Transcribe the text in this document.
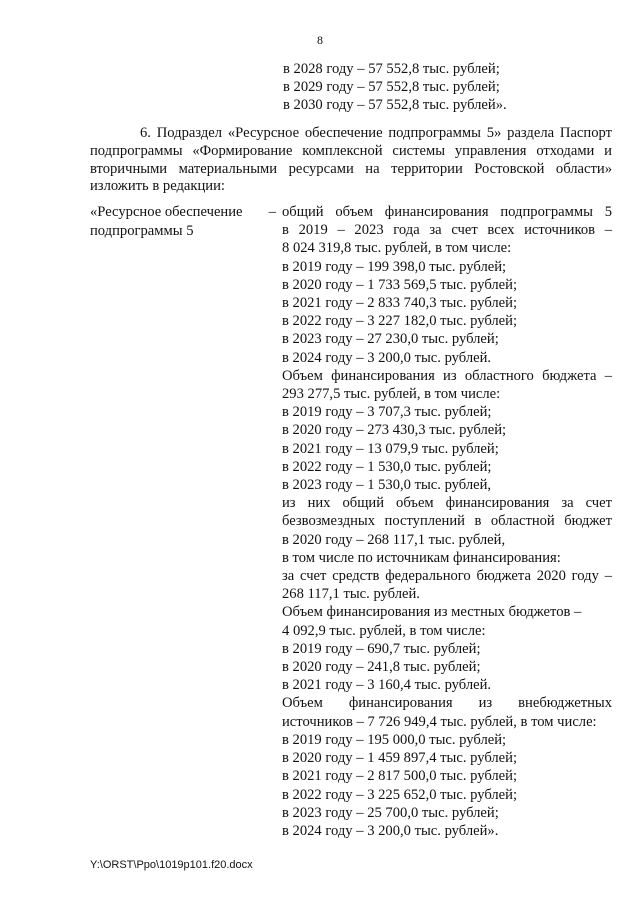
8
в 2028 году – 57 552,8 тыс. рублей;
в 2029 году – 57 552,8 тыс. рублей;
в 2030 году – 57 552,8 тыс. рублей».
6. Подраздел «Ресурсное обеспечение подпрограммы 5» раздела Паспорт
подпрограммы «Формирование комплексной системы управления отходами и
вторичными материальными ресурсами на территории Ростовской области»
изложить в редакции:
«Ресурсное обеспечение –
подпрограммы 5
общий объем финансирования подпрограммы 5
в 2019 – 2023 года за счет всех источников –
8 024 319,8 тыс. рублей, в том числе:
в 2019 году – 199 398,0 тыс. рублей;
в 2020 году – 1 733 569,5 тыс. рублей;
в 2021 году – 2 833 740,3 тыс. рублей;
в 2022 году – 3 227 182,0 тыс. рублей;
в 2023 году – 27 230,0 тыс. рублей;
в 2024 году – 3 200,0 тыс. рублей.
Объем финансирования из областного бюджета –
293 277,5 тыс. рублей, в том числе:
в 2019 году – 3 707,3 тыс. рублей;
в 2020 году – 273 430,3 тыс. рублей;
в 2021 году – 13 079,9 тыс. рублей;
в 2022 году – 1 530,0 тыс. рублей;
в 2023 году – 1 530,0 тыс. рублей,
из них общий объем финансирования за счет
безвозмездных поступлений в областной бюджет
в 2020 году – 268 117,1 тыс. рублей,
в том числе по источникам финансирования:
за счет средств федерального бюджета 2020 году –
268 117,1 тыс. рублей.
Объем финансирования из местных бюджетов –
4 092,9 тыс. рублей, в том числе:
в 2019 году – 690,7 тыс. рублей;
в 2020 году – 241,8 тыс. рублей;
в 2021 году – 3 160,4 тыс. рублей.
Объем финансирования из внебюджетных
источников – 7 726 949,4 тыс. рублей, в том числе:
в 2019 году – 195 000,0 тыс. рублей;
в 2020 году – 1 459 897,4 тыс. рублей;
в 2021 году – 2 817 500,0 тыс. рублей;
в 2022 году – 3 225 652,0 тыс. рублей;
в 2023 году – 25 700,0 тыс. рублей;
в 2024 году – 3 200,0 тыс. рублей».
Y:\ORST\Ppo\1019p101.f20.docx
